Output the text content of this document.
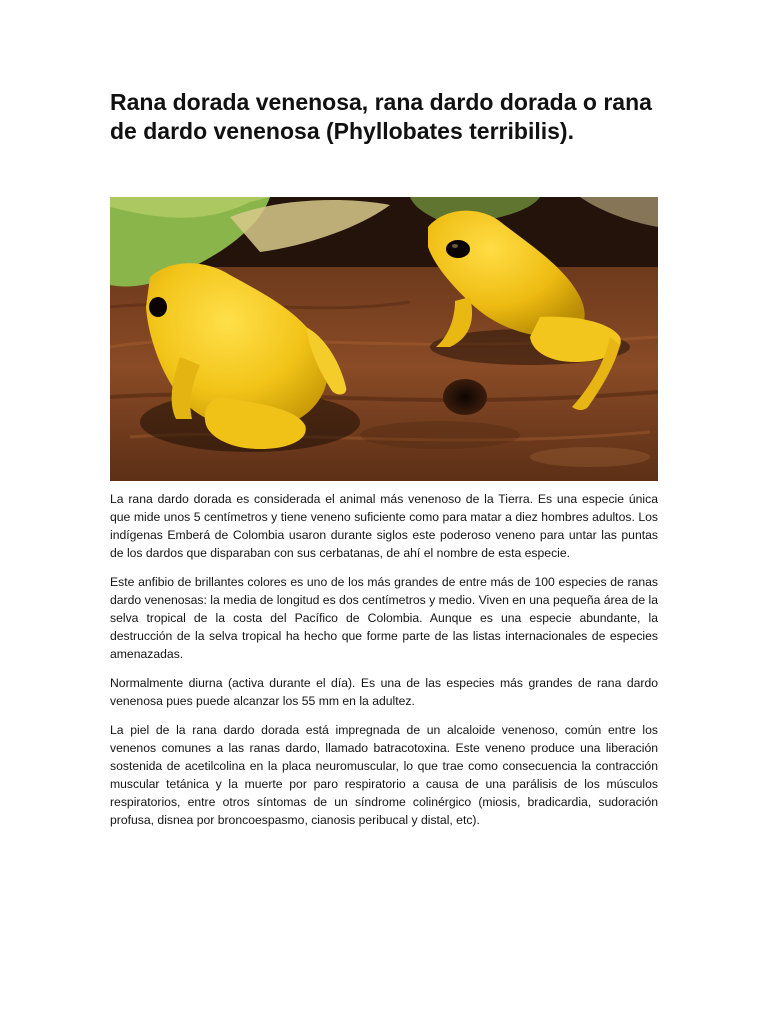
Rana dorada venenosa, rana dardo dorada o rana de dardo venenosa (Phyllobates terribilis).

La rana dardo dorada es considerada el animal más venenoso de la Tierra. Es una especie única que mide unos 5 centímetros y tiene veneno suficiente como para matar a diez hombres adultos. Los indígenas Emberá de Colombia usaron durante siglos este poderoso veneno para untar las puntas de los dardos que disparaban con sus cerbatanas, de ahí el nombre de esta especie.

Este anfibio de brillantes colores es uno de los más grandes de entre más de 100 especies de ranas dardo venenosas: la media de longitud es dos centímetros y medio. Viven en una pequeña área de la selva tropical de la costa del Pacífico de Colombia. Aunque es una especie abundante, la destrucción de la selva tropical ha hecho que forme parte de las listas internacionales de especies amenazadas.

Normalmente diurna (activa durante el día). Es una de las especies más grandes de rana dardo venenosa pues puede alcanzar los 55 mm en la adultez.

La piel de la rana dardo dorada está impregnada de un alcaloide venenoso, común entre los venenos comunes a las ranas dardo, llamado batracotoxina. Este veneno produce una liberación sostenida de acetilcolina en la placa neuromuscular, lo que trae como consecuencia la contracción muscular tetánica y la muerte por paro respiratorio a causa de una parálisis de los músculos respiratorios, entre otros síntomas de un síndrome colinérgico (miosis, bradicardia, sudoración profusa, disnea por broncoespasmo, cianosis peribucal y distal, etc).
